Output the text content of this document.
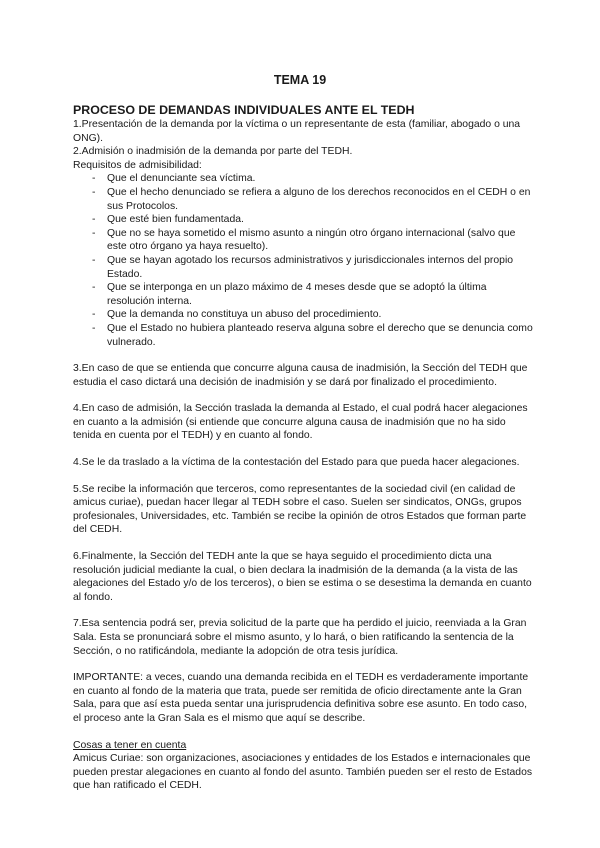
TEMA 19

PROCESO DE DEMANDAS INDIVIDUALES ANTE EL TEDH

1.Presentación de la demanda por la víctima o un representante de esta (familiar, abogado o una ONG).

2.Admisión o inadmisión de la demanda por parte del TEDH.

Requisitos de admisibilidad:

- Que el denunciante sea víctima.
- Que el hecho denunciado se refiera a alguno de los derechos reconocidos en el CEDH o en sus Protocolos.
- Que esté bien fundamentada.
- Que no se haya sometido el mismo asunto a ningún otro órgano internacional (salvo que este otro órgano ya haya resuelto).
- Que se hayan agotado los recursos administrativos y jurisdiccionales internos del propio Estado.
- Que se interponga en un plazo máximo de 4 meses desde que se adoptó la última resolución interna.
- Que la demanda no constituya un abuso del procedimiento.
- Que el Estado no hubiera planteado reserva alguna sobre el derecho que se denuncia como vulnerado.

3.En caso de que se entienda que concurre alguna causa de inadmisión, la Sección del TEDH que estudia el caso dictará una decisión de inadmisión y se dará por finalizado el procedimiento.

4.En caso de admisión, la Sección traslada la demanda al Estado, el cual podrá hacer alegaciones en cuanto a la admisión (si entiende que concurre alguna causa de inadmisión que no ha sido tenida en cuenta por el TEDH) y en cuanto al fondo.

4.Se le da traslado a la víctima de la contestación del Estado para que pueda hacer alegaciones.

5.Se recibe la información que terceros, como representantes de la sociedad civil (en calidad de amicus curiae), puedan hacer llegar al TEDH sobre el caso. Suelen ser sindicatos, ONGs, grupos profesionales, Universidades, etc. También se recibe la opinión de otros Estados que forman parte del CEDH.

6.Finalmente, la Sección del TEDH ante la que se haya seguido el procedimiento dicta una resolución judicial mediante la cual, o bien declara la inadmisión de la demanda (a la vista de las alegaciones del Estado y/o de los terceros), o bien se estima o se desestima la demanda en cuanto al fondo.

7.Esa sentencia podrá ser, previa solicitud de la parte que ha perdido el juicio, reenviada a la Gran Sala. Esta se pronunciará sobre el mismo asunto, y lo hará, o bien ratificando la sentencia de la Sección, o no ratificándola, mediante la adopción de otra tesis jurídica.

IMPORTANTE: a veces, cuando una demanda recibida en el TEDH es verdaderamente importante en cuanto al fondo de la materia que trata, puede ser remitida de oficio directamente ante la Gran Sala, para que así esta pueda sentar una jurisprudencia definitiva sobre ese asunto. En todo caso, el proceso ante la Gran Sala es el mismo que aquí se describe.

Cosas a tener en cuenta

Amicus Curiae: son organizaciones, asociaciones y entidades de los Estados e internacionales que pueden prestar alegaciones en cuanto al fondo del asunto. También pueden ser el resto de Estados que han ratificado el CEDH.
